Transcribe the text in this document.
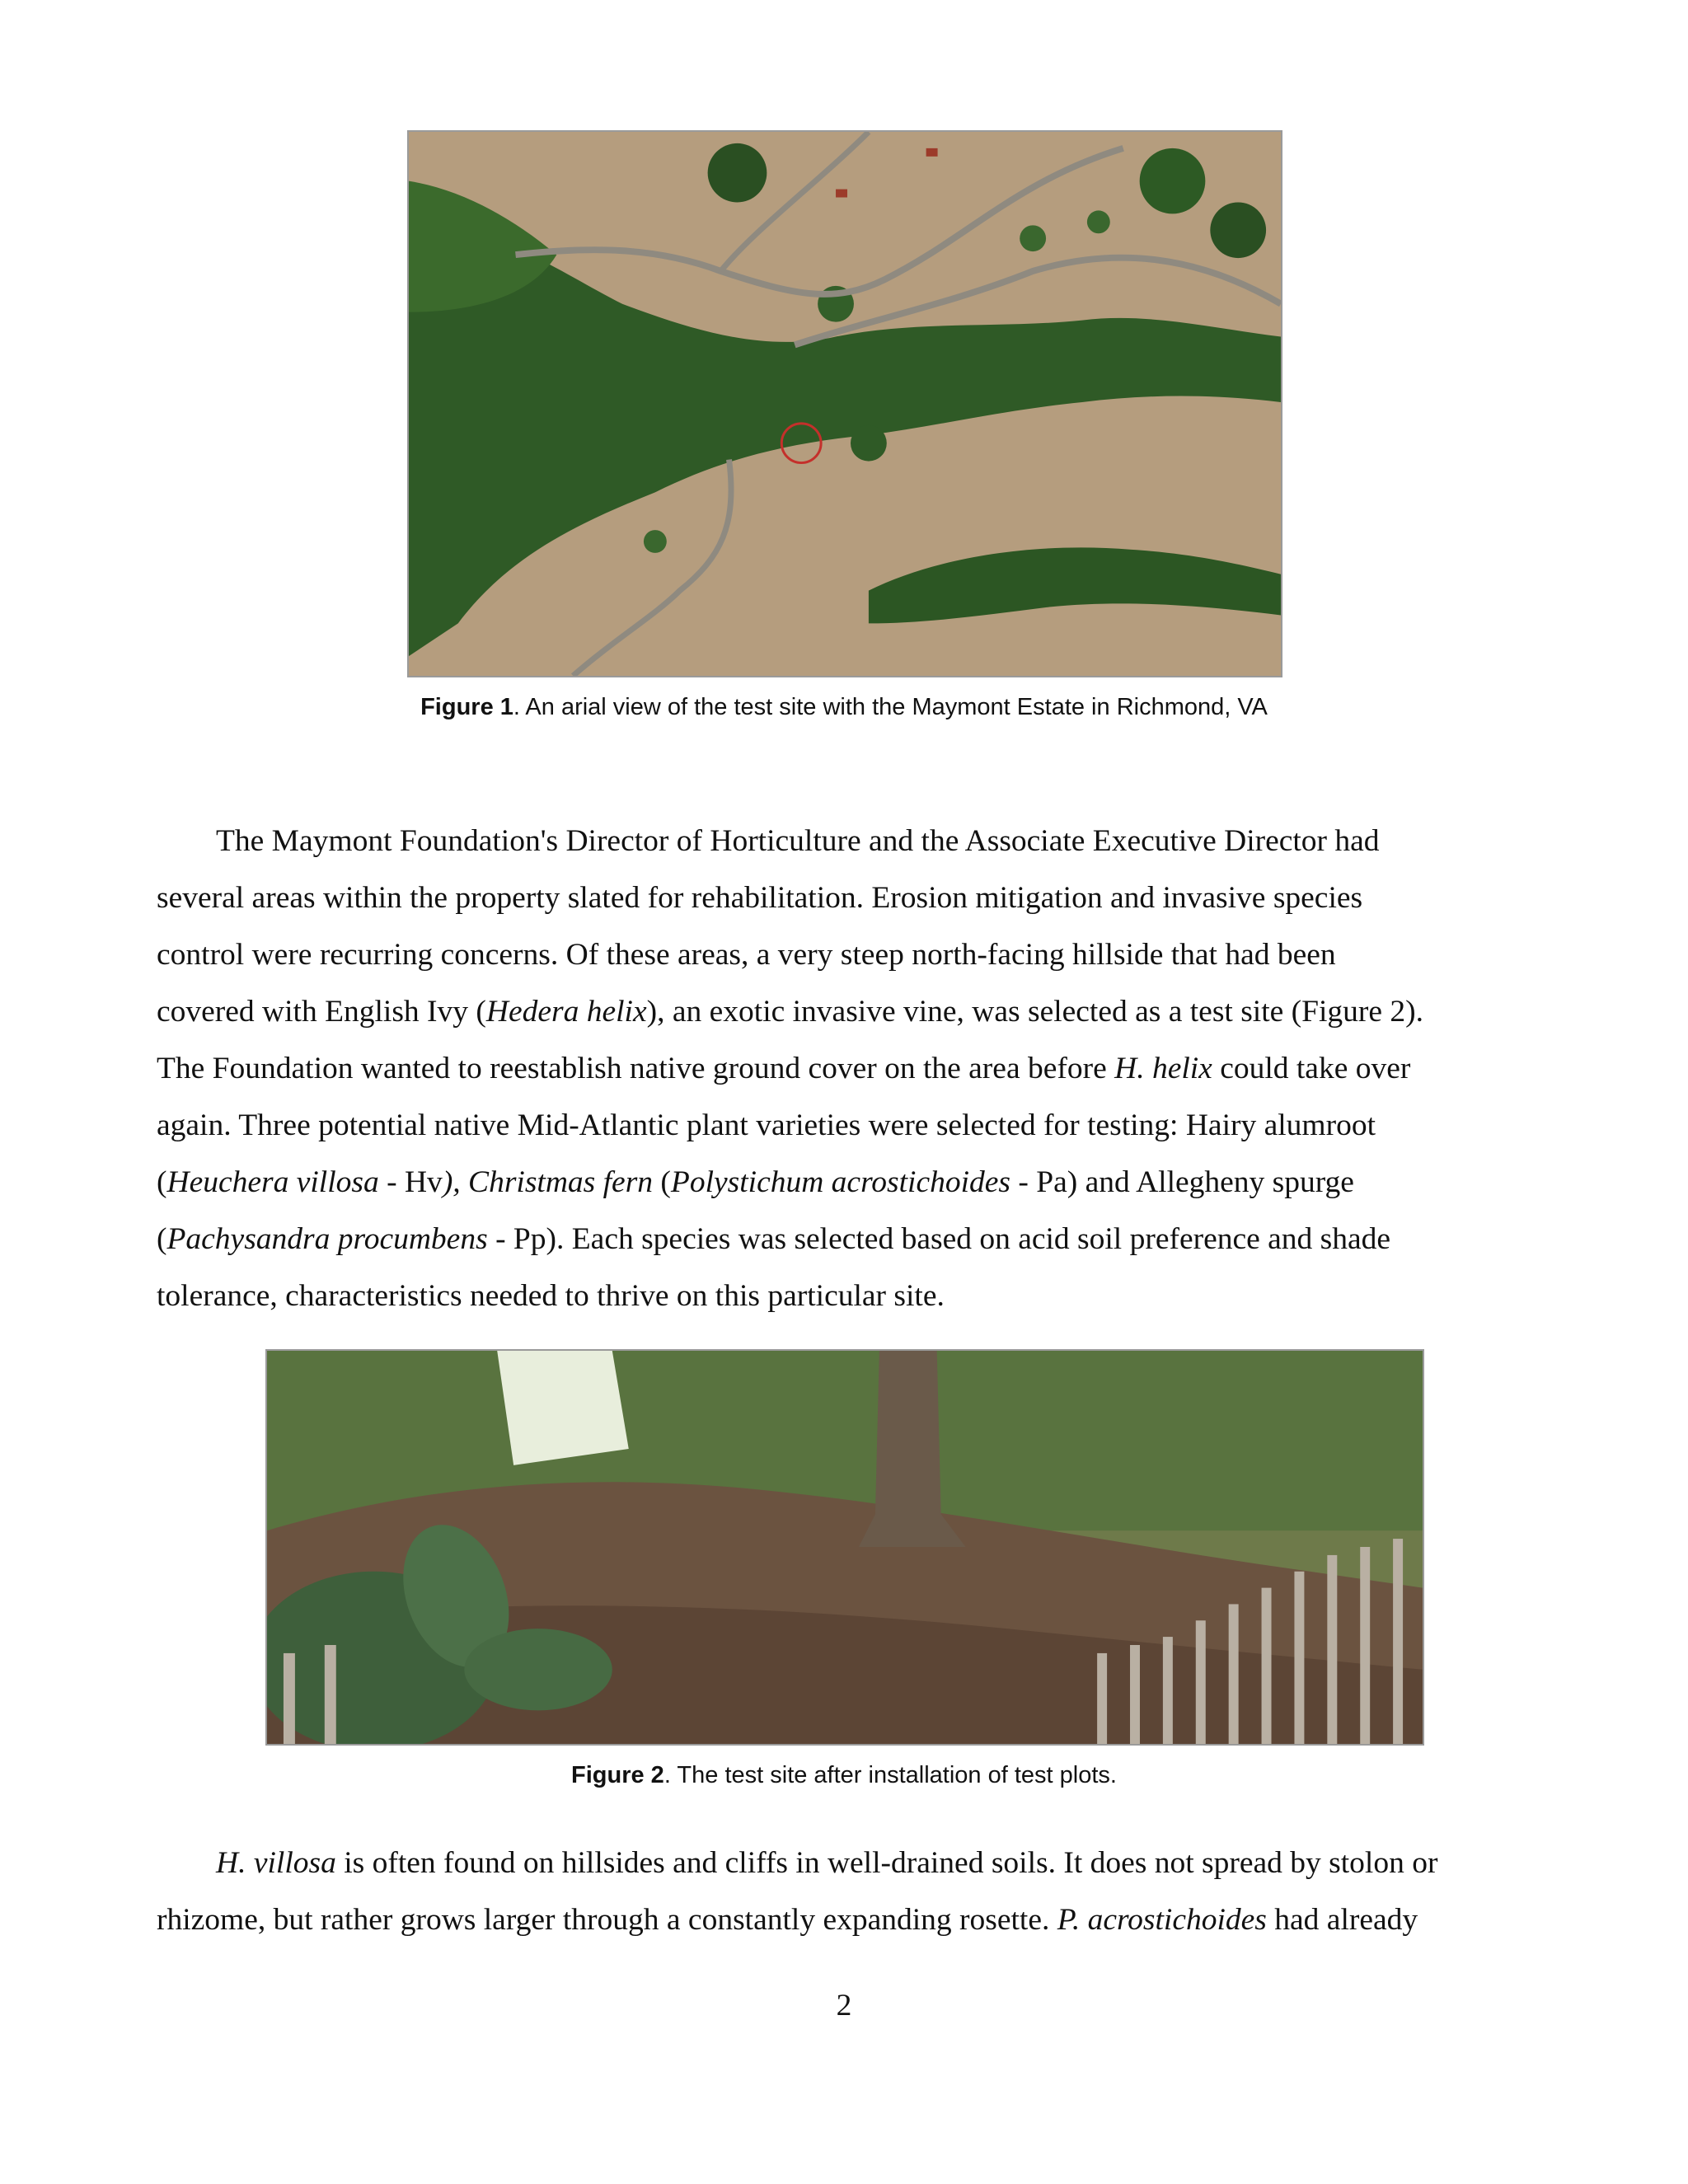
Figure 1. An arial view of the test site with the Maymont Estate in Richmond, VA
The Maymont Foundation's Director of Horticulture and the Associate Executive Director had
several areas within the property slated for rehabilitation. Erosion mitigation and invasive species
control were recurring concerns. Of these areas, a very steep north-facing hillside that had been
covered with English Ivy (Hedera helix), an exotic invasive vine, was selected as a test site (Figure 2).
The Foundation wanted to reestablish native ground cover on the area before H. helix could take over
again. Three potential native Mid-Atlantic plant varieties were selected for testing: Hairy alumroot
(Heuchera villosa - Hv), Christmas fern (Polystichum acrostichoides - Pa) and Allegheny spurge
(Pachysandra procumbens - Pp). Each species was selected based on acid soil preference and shade
tolerance, characteristics needed to thrive on this particular site.
Figure 2. The test site after installation of test plots.
H. villosa is often found on hillsides and cliffs in well-drained soils. It does not spread by stolon or
rhizome, but rather grows larger through a constantly expanding rosette. P. acrostichoides had already
2
